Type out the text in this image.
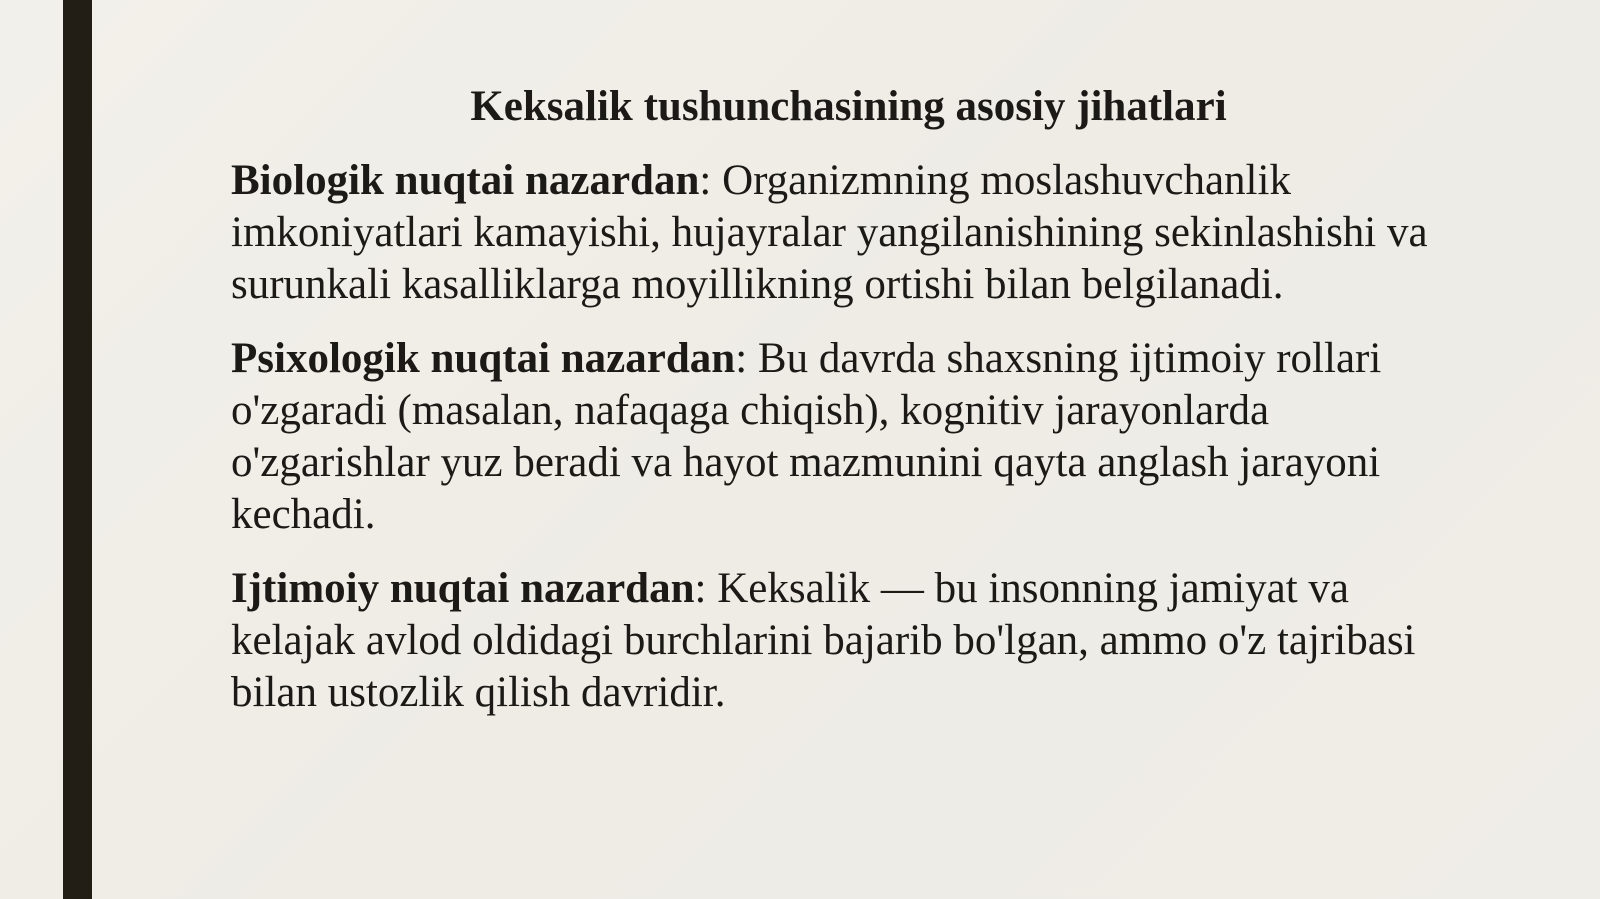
Keksalik tushunchasining asosiy jihatlari

Biologik nuqtai nazardan: Organizmning moslashuvchanlik imkoniyatlari kamayishi, hujayralar yangilanishining sekinlashishi va surunkali kasalliklarga moyillikning ortishi bilan belgilanadi.

Psixologik nuqtai nazardan: Bu davrda shaxsning ijtimoiy rollari o'zgaradi (masalan, nafaqaga chiqish), kognitiv jarayonlarda o'zgarishlar yuz beradi va hayot mazmunini qayta anglash jarayoni kechadi.

Ijtimoiy nuqtai nazardan: Keksalik — bu insonning jamiyat va kelajak avlod oldidagi burchlarini bajarib bo'lgan, ammo o'z tajribasi bilan ustozlik qilish davridir.
